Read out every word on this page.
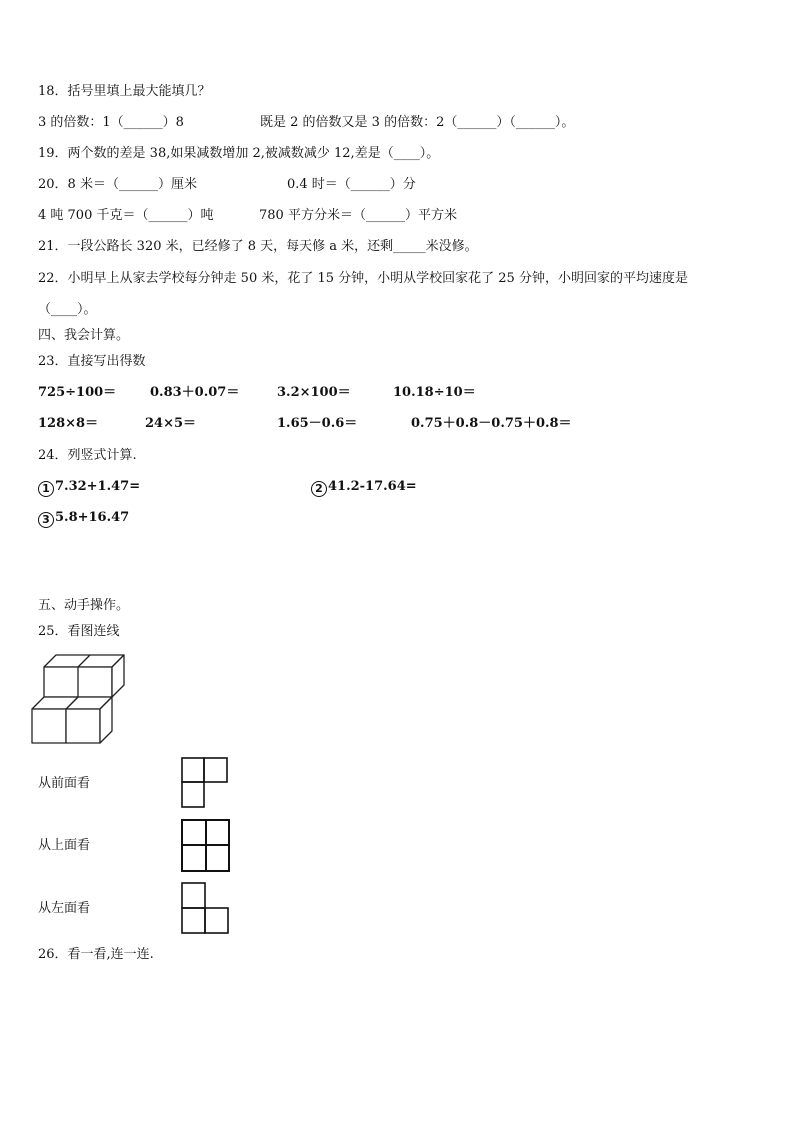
18．括号里填上最大能填几？
3 的倍数：1（______）8	既是 2 的倍数又是 3 的倍数：2（______）（______）。
19．两个数的差是 38,如果减数增加 2,被减数减少 12,差是（____）。
20．8 米＝（______）厘米	0.4 时＝（______）分
4 吨 700 千克＝（______）吨	780 平方分米＝（______）平方米
21．一段公路长 320 米，已经修了 8 天，每天修 a 米，还剩_____米没修。
22．小明早上从家去学校每分钟走 50 米，花了 15 分钟，小明从学校回家花了 25 分钟，小明回家的平均速度是
（____）。
四、我会计算。
23．直接写出得数
725÷100＝	0.83＋0.07＝	3.2×100＝	10.18÷10＝
128×8＝	24×5＝	1.65－0.6＝	0.75＋0.8－0.75＋0.8＝
24．列竖式计算.
1 7.32+1.47=	2 41.2-17.64=
3 5.8+16.47
五、动手操作。
25．看图连线
从前面看
从上面看
从左面看
26．看一看,连一连.
